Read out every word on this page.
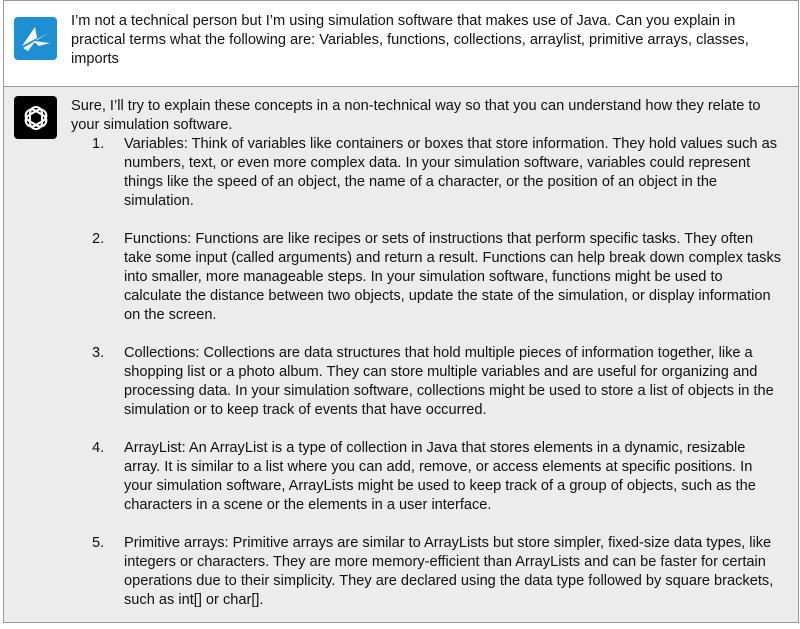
I’m not a technical person but I’m using simulation software that makes use of Java. Can you explain in practical terms what the following are: Variables, functions, collections, arraylist, primitive arrays, classes, imports
Sure, I’ll try to explain these concepts in a non-technical way so that you can understand how they relate to your simulation software.
1. Variables: Think of variables like containers or boxes that store information. They hold values such as numbers, text, or even more complex data. In your simulation software, variables could represent things like the speed of an object, the name of a character, or the position of an object in the simulation.
2. Functions: Functions are like recipes or sets of instructions that perform specific tasks. They often take some input (called arguments) and return a result. Functions can help break down complex tasks into smaller, more manageable steps. In your simulation software, functions might be used to calculate the distance between two objects, update the state of the simulation, or display information on the screen.
3. Collections: Collections are data structures that hold multiple pieces of information together, like a shopping list or a photo album. They can store multiple variables and are useful for organizing and processing data. In your simulation software, collections might be used to store a list of objects in the simulation or to keep track of events that have occurred.
4. ArrayList: An ArrayList is a type of collection in Java that stores elements in a dynamic, resizable array. It is similar to a list where you can add, remove, or access elements at specific positions. In your simulation software, ArrayLists might be used to keep track of a group of objects, such as the characters in a scene or the elements in a user interface.
5. Primitive arrays: Primitive arrays are similar to ArrayLists but store simpler, fixed-size data types, like integers or characters. They are more memory-efficient than ArrayLists and can be faster for certain operations due to their simplicity. They are declared using the data type followed by square brackets, such as int[] or char[].
